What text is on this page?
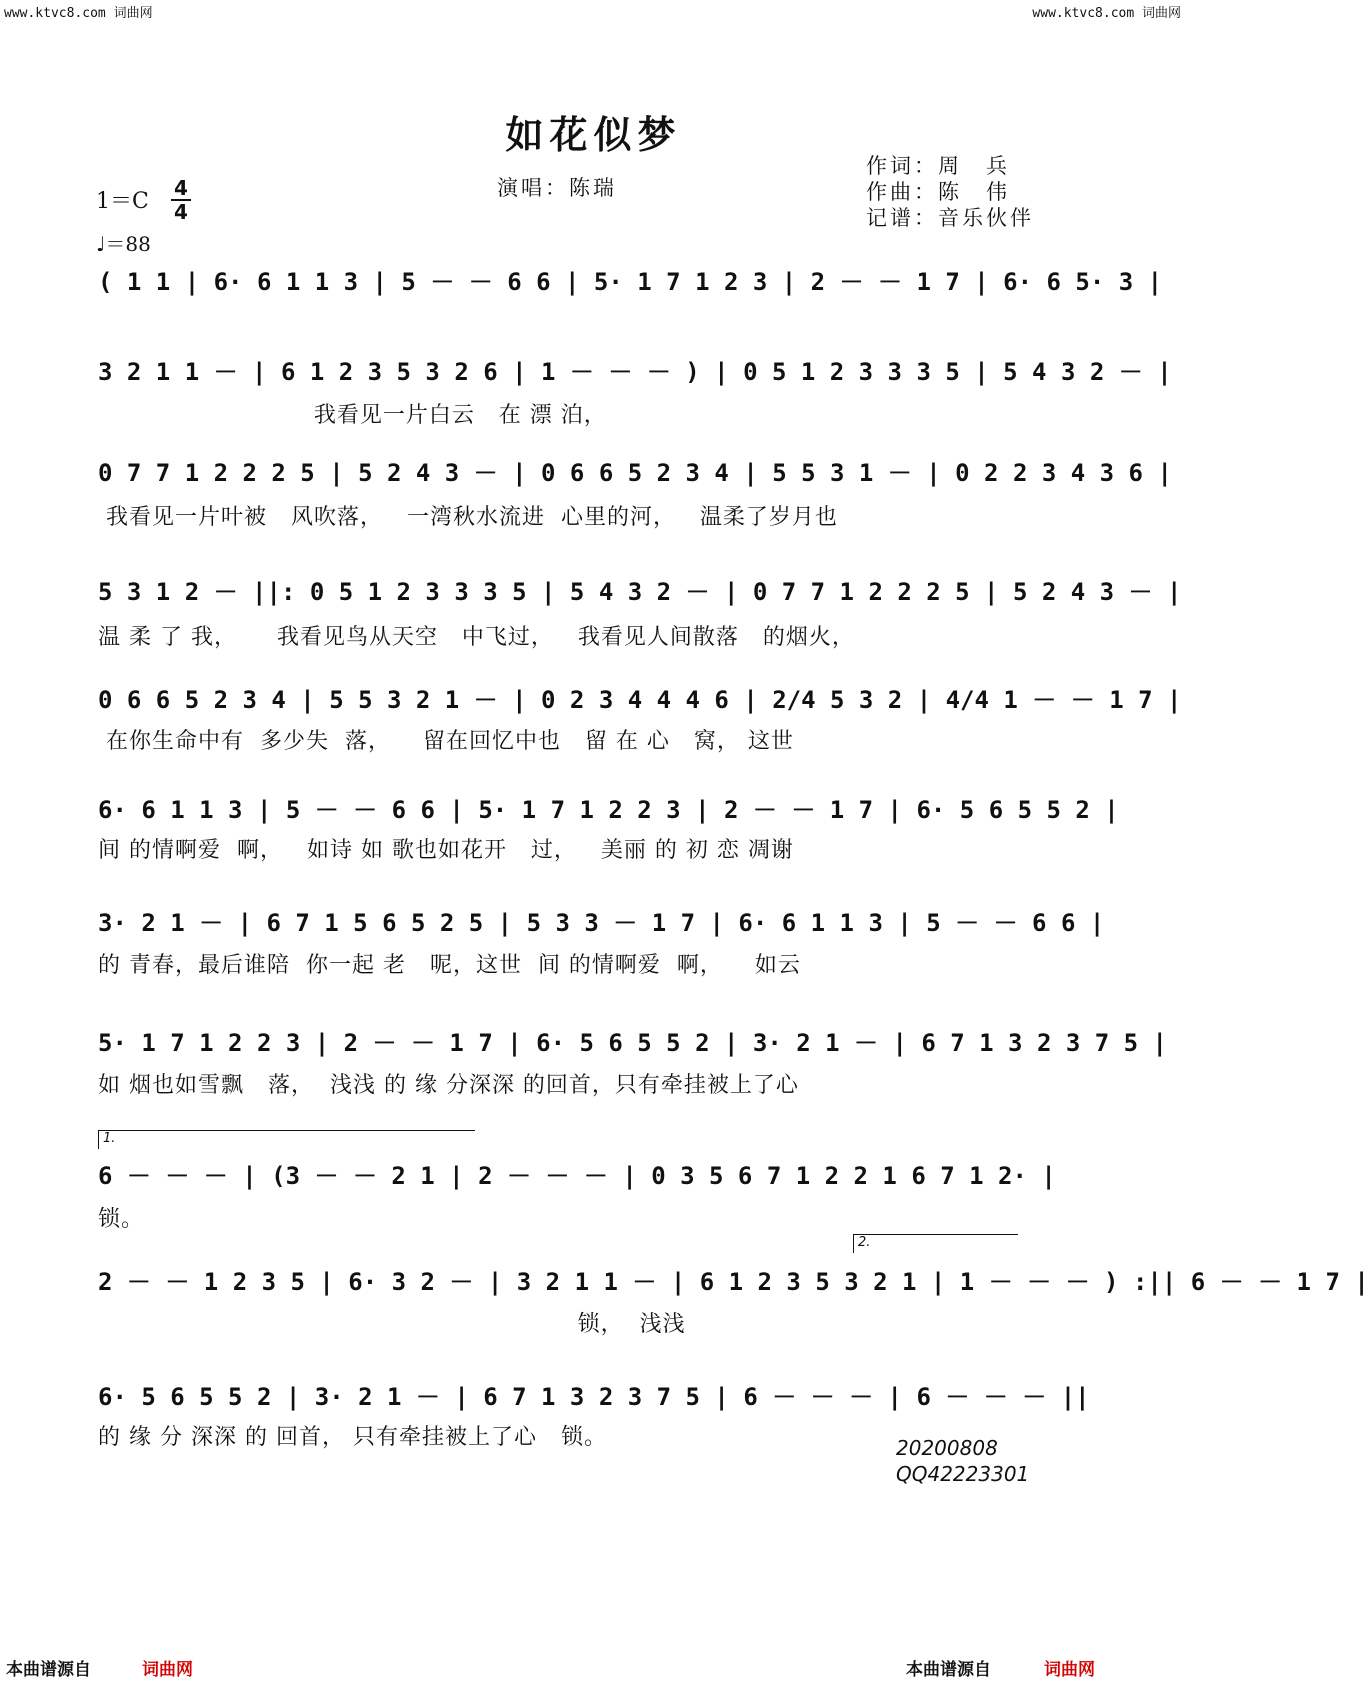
www.ktvc8.com 词曲网	www.ktvc8.com 词曲网
如花似梦
演唱：陈瑞
作词：周　兵
作曲：陈　伟
记谱：音乐伙伴
1＝C
4
4
♩＝88
( 1 1 | 6· 6 1 1 3 | 5 － － 6 6 | 5· 1 7 1 2 3 | 2 － － 1 7 | 6· 6 5· 3 |
3 2 1 1 － | 6 1 2 3 5 3 2 6 | 1 － － － ) | 0 5 1 2 3 3 3 5 | 5 4 3 2 － |
我看见一片白云   在 漂 泊，
0 7 7 1 2 2 2 5 | 5 2 4 3 － | 0 6 6 5 2 3 4 | 5 5 3 1 － | 0 2 2 3 4 3 6 |
我看见一片叶被   风吹落，   一湾秋水流进  心里的河，   温柔了岁月也
5 3 1 2 － ||: 0 5 1 2 3 3 3 5 | 5 4 3 2 － | 0 7 7 1 2 2 2 5 | 5 2 4 3 － |
温 柔 了 我，     我看见鸟从天空   中飞过，   我看见人间散落   的烟火，
0 6 6 5 2 3 4 | 5 5 3 2 1 － | 0 2 3 4 4 4 6 | 2/4 5 3 2 | 4/4 1 － － 1 7 |
在你生命中有  多少失  落，    留在回忆中也   留 在 心   窝， 这世
6· 6 1 1 3 | 5 － － 6 6 | 5· 1 7 1 2 2 3 | 2 － － 1 7 | 6· 5 6 5 5 2 |
间 的情啊爱  啊，   如诗 如 歌也如花开   过，   美丽 的 初 恋 凋谢
3· 2 1 － | 6 7 1 5 6 5 2 5 | 5 3 3 － 1 7 | 6· 6 1 1 3 | 5 － － 6 6 |
的 青春，最后谁陪  你一起 老   呢，这世  间 的情啊爱  啊，    如云
5· 1 7 1 2 2 3 | 2 － － 1 7 | 6· 5 6 5 5 2 | 3· 2 1 － | 6 7 1 3 2 3 7 5 |
如 烟也如雪飘   落，  浅浅 的 缘 分深深 的回首，只有牵挂被上了心
6 － － － | (3 － － 2 1 | 2 － － － | 0 3 5 6 7 1 2 2 1 6 7 1 2· |
锁。
2 － － 1 2 3 5 | 6· 3 2 － | 3 2 1 1 － | 6 1 2 3 5 3 2 1 | 1 － － － ) :|| 6 － － 1 7 |
锁，  浅浅
6· 5 6 5 5 2 | 3· 2 1 － | 6 7 1 3 2 3 7 5 | 6 － － － | 6 － － － ||
的 缘 分 深深 的 回首， 只有牵挂被上了心   锁。
1.
2.
20200808
QQ42223301
本曲谱源自	词曲网	本曲谱源自	词曲网
